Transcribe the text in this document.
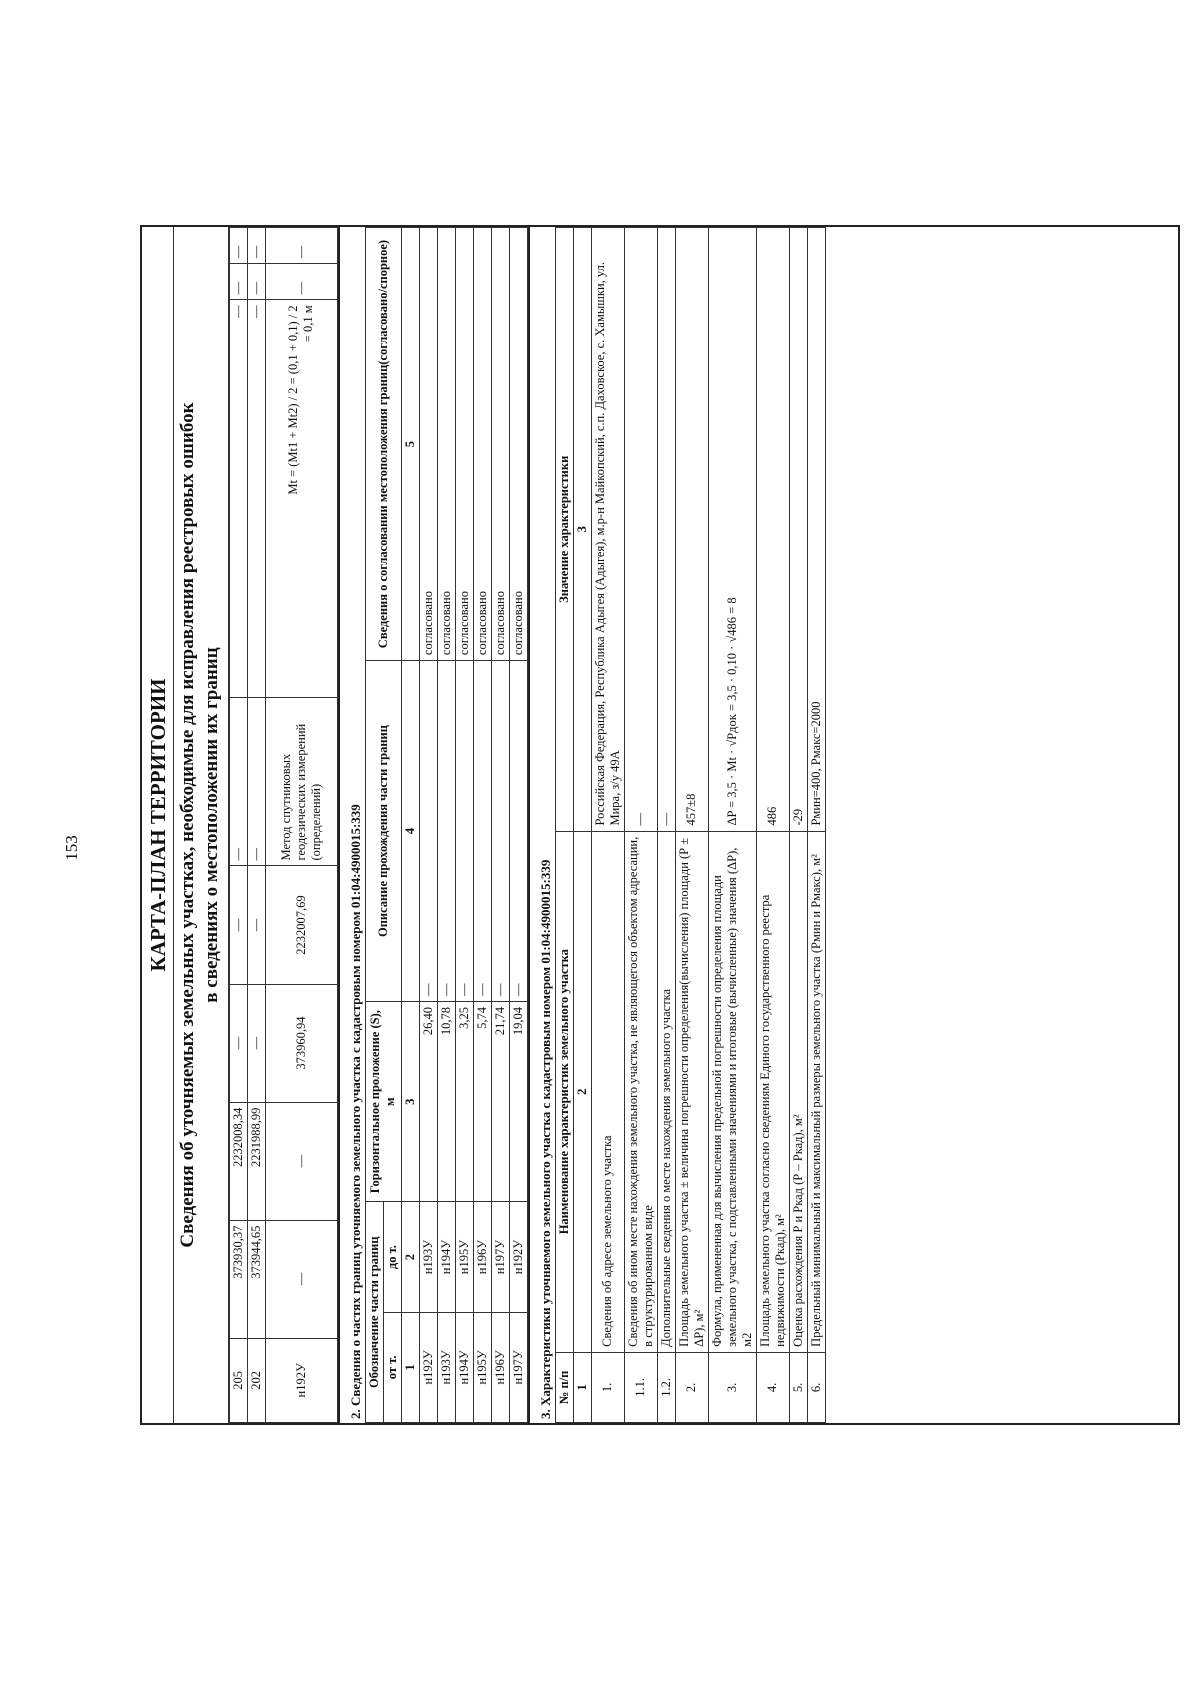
153	КАРТА-ПЛАН ТЕРРИТОРИИ Сведения об уточняемых земельных участках, необходимые для исправления реестровых ошибок в сведениях о местоположении их границ
205	373930,37	2232008,34	—	—	—	—	—	—
202	373944,65	2231988,99	—	—	—	—	—	—
н192У	—	—	373960,94	2232007,69	Метод спутниковых геодезических измерений (определений)	Mt = (Mt1 + Mt2) / 2 = (0,1 + 0,1) / 2 = 0,1 м	—	—
2. Сведения о частях границ уточняемого земельного участка с кадастровым номером 01:04:4900015:339 Обозначение части границ		Горизонтальное проложение (S), м	Описание прохождения части границ	Сведения о согласовании местоположения границ(согласовано/спорное)
от т.	до т.			
1	2	3	4	5
н192У	н193У	26,40	—	согласовано
н193У	н194У	10,78	—	согласовано
н194У	н195У	3,25	—	согласовано
н195У	н196У	5,74	—	согласовано
н196У	н197У	21,74	—	согласовано
н197У	н192У	19,04	—	согласовано
3. Характеристики уточняемого земельного участка с кадастровым номером 01:04:4900015:339 № п/п	Наименование характеристик земельного участка	Значение характеристики
1	2	3
1.	Сведения об адресе земельного участка	Российская Федерация, Республика Адыгея (Адыгея), м.р-н Майкопский, с.п. Даховское, с. Хамышки, ул. Мира, з/у 49А
1.1.	Сведения об ином месте нахождения земельного участка, не являющегося объектом адресации, в структурированном виде	—
1.2.	Дополнительные сведения о месте нахождения земельного участка	—
2.	Площадь земельного участка ± величина погрешности определения(вычисления) площади (Р ± ΔР), м²	457±8
3.	Формула, примененная для вычисления предельной погрешности определения площади земельного участка, с подставленными значениями и итоговые (вычисленные) значения (ΔР), м2	ΔP = 3,5 · Mt · √Pдок = 3,5 · 0,10 · √486 = 8
4.	Площадь земельного участка согласно сведениям Единого государственного реестра недвижимости (Ркад), м²	486
5.	Оценка расхождения Р и Ркад (Р – Ркад), м²	-29
6.	Предельный минимальный и максимальный размеры земельного участка (Рмин и Рмакс), м²	Рмин=400, Рмакс=2000
